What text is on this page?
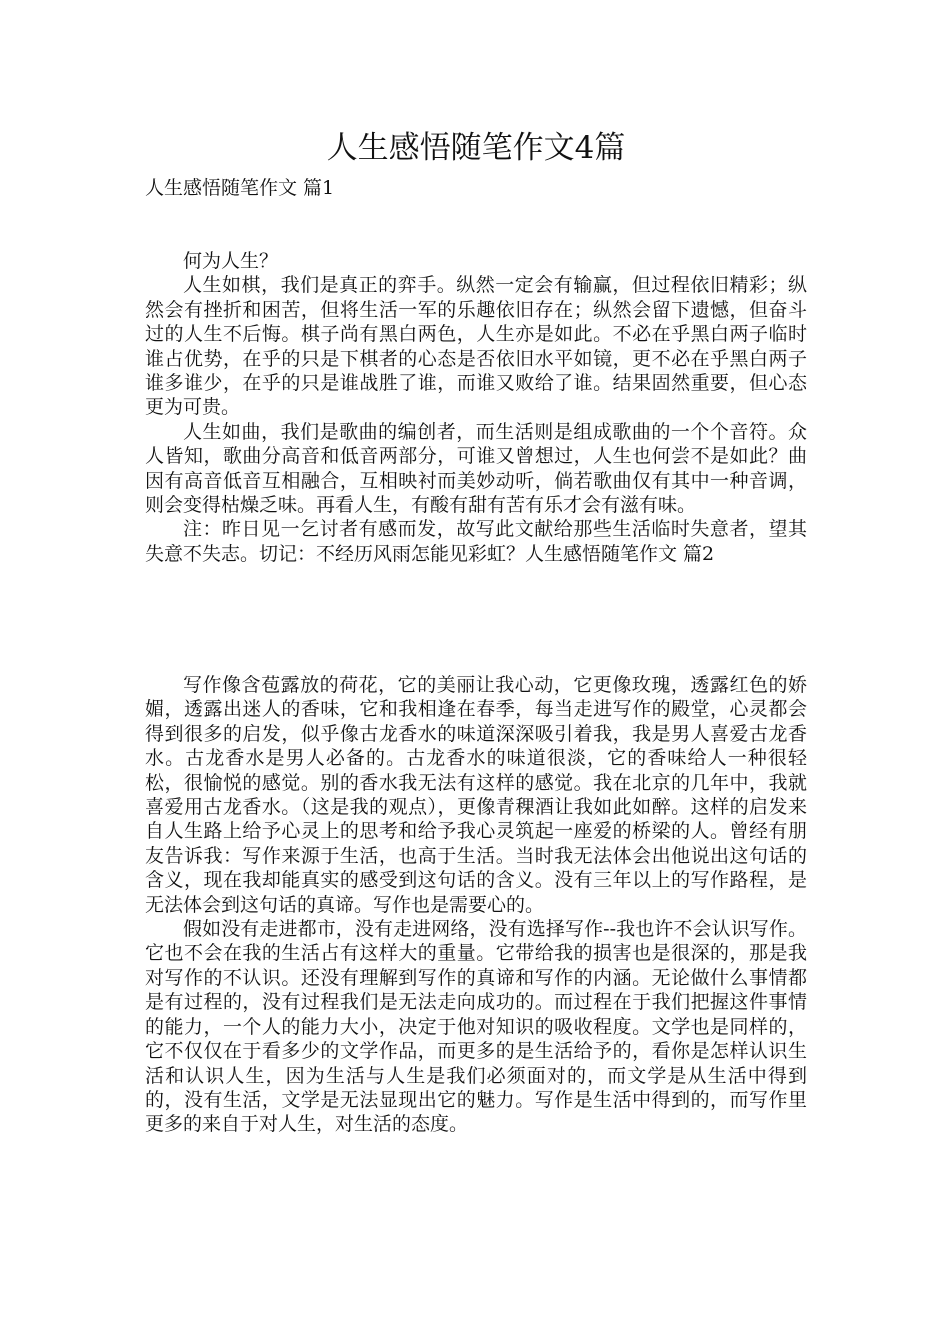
人生感悟随笔作文4篇
人生感悟随笔作文 篇1

何为人生？

人生如棋，我们是真正的弈手。纵然一定会有输赢，但过程依旧精彩；纵然会有挫折和困苦，但将生活一军的乐趣依旧存在；纵然会留下遗憾，但奋斗过的人生不后悔。棋子尚有黑白两色，人生亦是如此。不必在乎黑白两子临时谁占优势，在乎的只是下棋者的心态是否依旧水平如镜，更不必在乎黑白两子谁多谁少，在乎的只是谁战胜了谁，而谁又败给了谁。结果固然重要，但心态更为可贵。

人生如曲，我们是歌曲的编创者，而生活则是组成歌曲的一个个音符。众人皆知，歌曲分高音和低音两部分，可谁又曾想过，人生也何尝不是如此？曲因有高音低音互相融合，互相映衬而美妙动听，倘若歌曲仅有其中一种音调，则会变得枯燥乏味。再看人生，有酸有甜有苦有乐才会有滋有味。

注：昨日见一乞讨者有感而发，故写此文献给那些生活临时失意者，望其失意不失志。切记：不经历风雨怎能见彩虹？人生感悟随笔作文 篇2

写作像含苞露放的荷花，它的美丽让我心动，它更像玫瑰，透露红色的娇媚，透露出迷人的香味，它和我相逢在春季，每当走进写作的殿堂，心灵都会得到很多的启发，似乎像古龙香水的味道深深吸引着我，我是男人喜爱古龙香水。古龙香水是男人必备的。古龙香水的味道很淡，它的香味给人一种很轻松，很愉悦的感觉。别的香水我无法有这样的感觉。我在北京的几年中，我就喜爱用古龙香水。（这是我的观点），更像青稞酒让我如此如醉。这样的启发来自人生路上给予心灵上的思考和给予我心灵筑起一座爱的桥梁的人。曾经有朋友告诉我：写作来源于生活，也高于生活。当时我无法体会出他说出这句话的含义，现在我却能真实的感受到这句话的含义。没有三年以上的写作路程，是无法体会到这句话的真谛。写作也是需要心的。

假如没有走进都市，没有走进网络，没有选择写作--我也许不会认识写作。它也不会在我的生活占有这样大的重量。它带给我的损害也是很深的，那是我对写作的不认识。还没有理解到写作的真谛和写作的内涵。无论做什么事情都是有过程的，没有过程我们是无法走向成功的。而过程在于我们把握这件事情的能力，一个人的能力大小，决定于他对知识的吸收程度。文学也是同样的，它不仅仅在于看多少的文学作品，而更多的是生活给予的，看你是怎样认识生活和认识人生，因为生活与人生是我们必须面对的，而文学是从生活中得到的，没有生活，文学是无法显现出它的魅力。写作是生活中得到的，而写作里更多的来自于对人生，对生活的态度。
